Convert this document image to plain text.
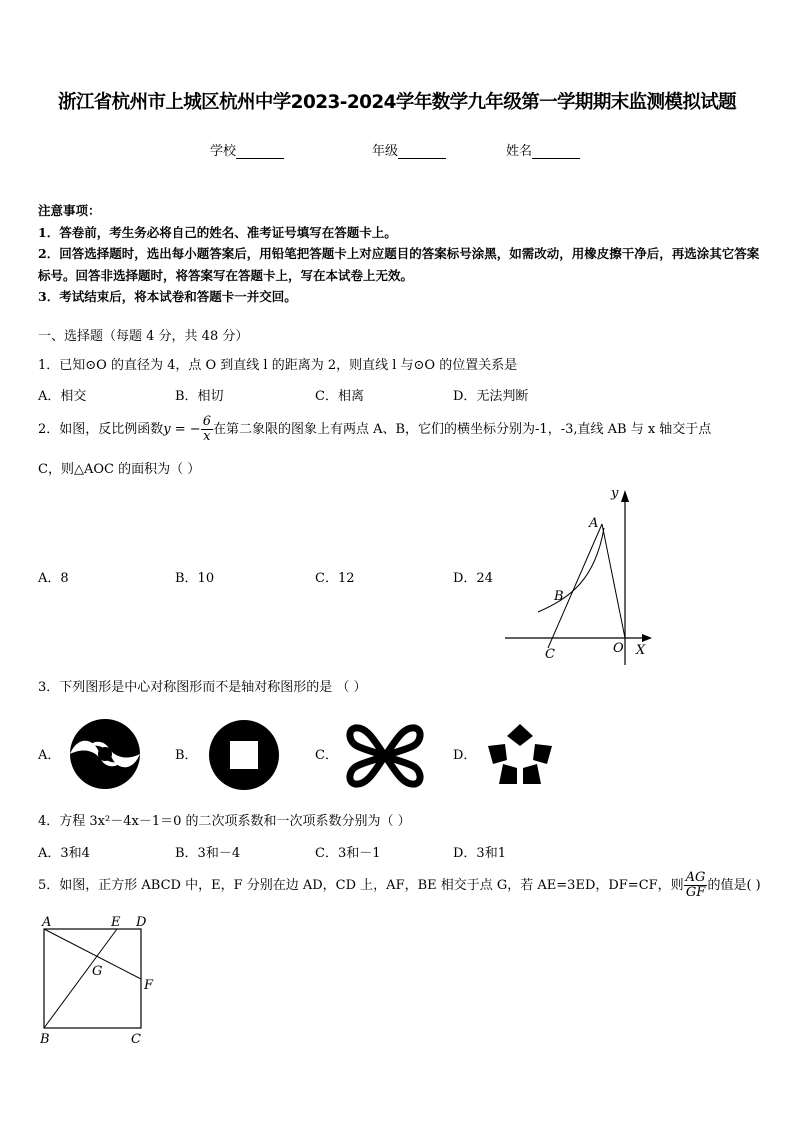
浙江省杭州市上城区杭州中学2023-2024学年数学九年级第一学期期末监测模拟试题
学校	年级	姓名
注意事项：
1．答卷前，考生务必将自己的姓名、准考证号填写在答题卡上。
2．回答选择题时，选出每小题答案后，用铅笔把答题卡上对应题目的答案标号涂黑，如需改动，用橡皮擦干净后，再选涂其它答案标号。回答非选择题时，将答案写在答题卡上，写在本试卷上无效。
3．考试结束后，将本试卷和答题卡一并交回。
一、选择题（每题 4 分，共 48 分）
1．已知⊙O 的直径为 4，点 O 到直线 l 的距离为 2，则直线 l 与⊙O 的位置关系是
A．相交	B．相切	C．相离	D．无法判断
2．如图，反比例函数y = − $\frac{6}{x}$ 在第二象限的图象上有两点 A、B，它们的横坐标分别为-1，-3,直线 AB 与 x 轴交于点
C，则△AOC 的面积为（ ）
A．8	B．10	C．12	D．24
y
A
B
C	O X
3．下列图形是中心对称图形而不是轴对称图形的是 （ ）
A．	B．	C．	D．
4．方程 3x²－4x－1＝0 的二次项系数和一次项系数分别为（ ）
A．3和4	B．3和－4	C．3和－1	D．3和1
5．如图，正方形 ABCD 中，E，F 分别在边 AD，CD 上，AF，BE 相交于点 G，若 AE=3ED，DF=CF，则 $\frac{AG}{GF}$ 的值是( )
A	E D
G
F
B	C
